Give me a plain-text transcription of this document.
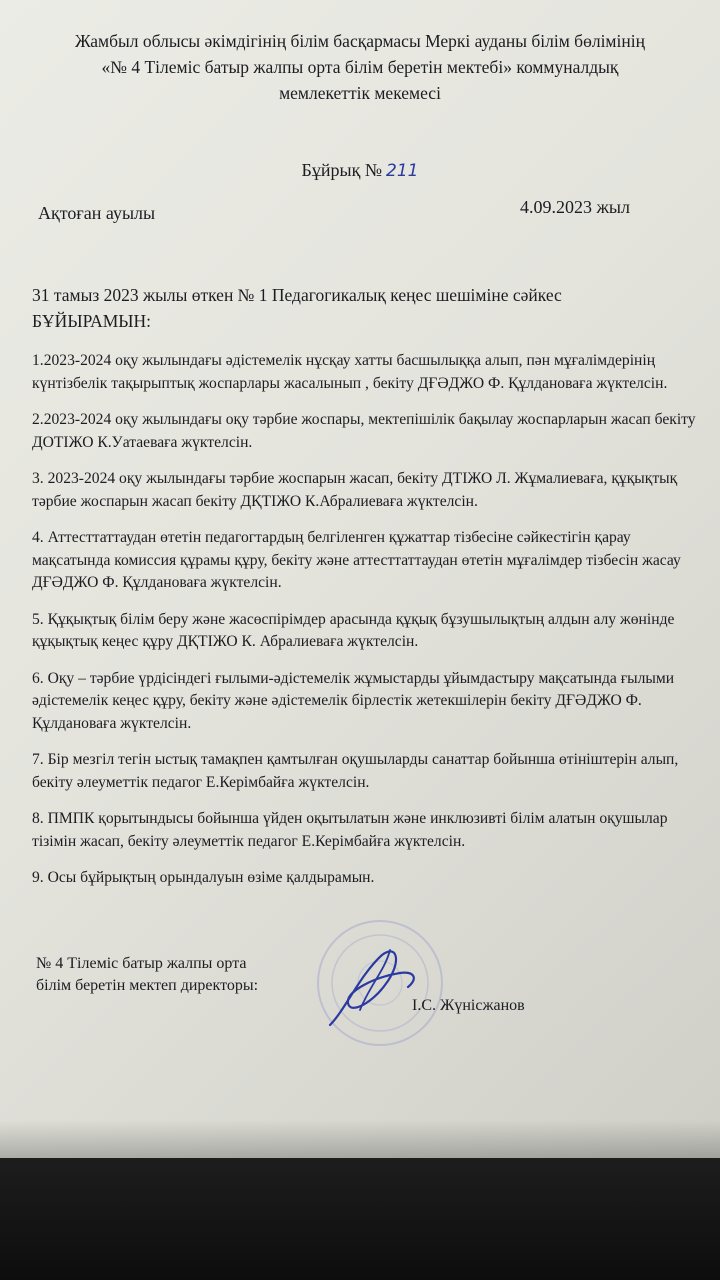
Жамбыл облысы әкімдігінің білім басқармасы Меркі ауданы білім бөлімінің
«№ 4 Тілеміс батыр жалпы орта білім беретін мектебі» коммуналдық
мемлекеттік мекемесі
Бұйрық № 211
Ақтоған ауылы	4.09.2023 жыл
31 тамыз 2023 жылы өткен № 1 Педагогикалық кеңес шешіміне сәйкес
БҰЙЫРАМЫН:

1.2023-2024 оқу жылындағы әдістемелік нұсқау хатты басшылыққа алып, пән мұғалімдерінің күнтізбелік тақырыптық жоспарлары жасалынып , бекіту ДҒӘДЖО Ф. Құлдановаға жүктелсін.

2.2023-2024 оқу жылындағы оқу тәрбие жоспары, мектепішілік бақылау жоспарларын жасап бекіту ДОТІЖО К.Уатаеваға жүктелсін.

3. 2023-2024 оқу жылындағы тәрбие жоспарын жасап, бекіту ДТІЖО Л. Жұмалиеваға, құқықтық тәрбие жоспарын жасап бекіту ДҚТІЖО К.Абралиеваға жүктелсін.

4. Аттесттаттаудан өтетін педагогтардың белгіленген құжаттар тізбесіне сәйкестігін қарау мақсатында комиссия құрамы құру, бекіту және аттесттаттаудан өтетін мұғалімдер тізбесін жасау ДҒӘДЖО Ф. Құлдановаға жүктелсін.

5. Құқықтық білім беру және жасөспірімдер арасында құқық бұзушылықтың алдын алу жөнінде құқықтық кеңес құру ДҚТІЖО К. Абралиеваға жүктелсін.

6. Оқу – тәрбие үрдісіндегі ғылыми-әдістемелік жұмыстарды ұйымдастыру мақсатында ғылыми әдістемелік кеңес құру, бекіту және әдістемелік бірлестік жетекшілерін бекіту ДҒӘДЖО Ф. Құлдановаға жүктелсін.

7. Бір мезгіл тегін ыстық тамақпен қамтылған оқушыларды санаттар бойынша өтініштерін алып, бекіту әлеуметтік педагог Е.Керімбайға жүктелсін.

8. ПМПК қорытындысы бойынша үйден оқытылатын және инклюзивті білім алатын оқушылар тізімін жасап, бекіту әлеуметтік педагог Е.Керімбайға жүктелсін.

9. Осы бұйрықтың орындалуын өзіме қалдырамын.

№ 4 Тілеміс батыр жалпы орта
білім беретін мектеп директоры:
І.С. Жүнісжанов
